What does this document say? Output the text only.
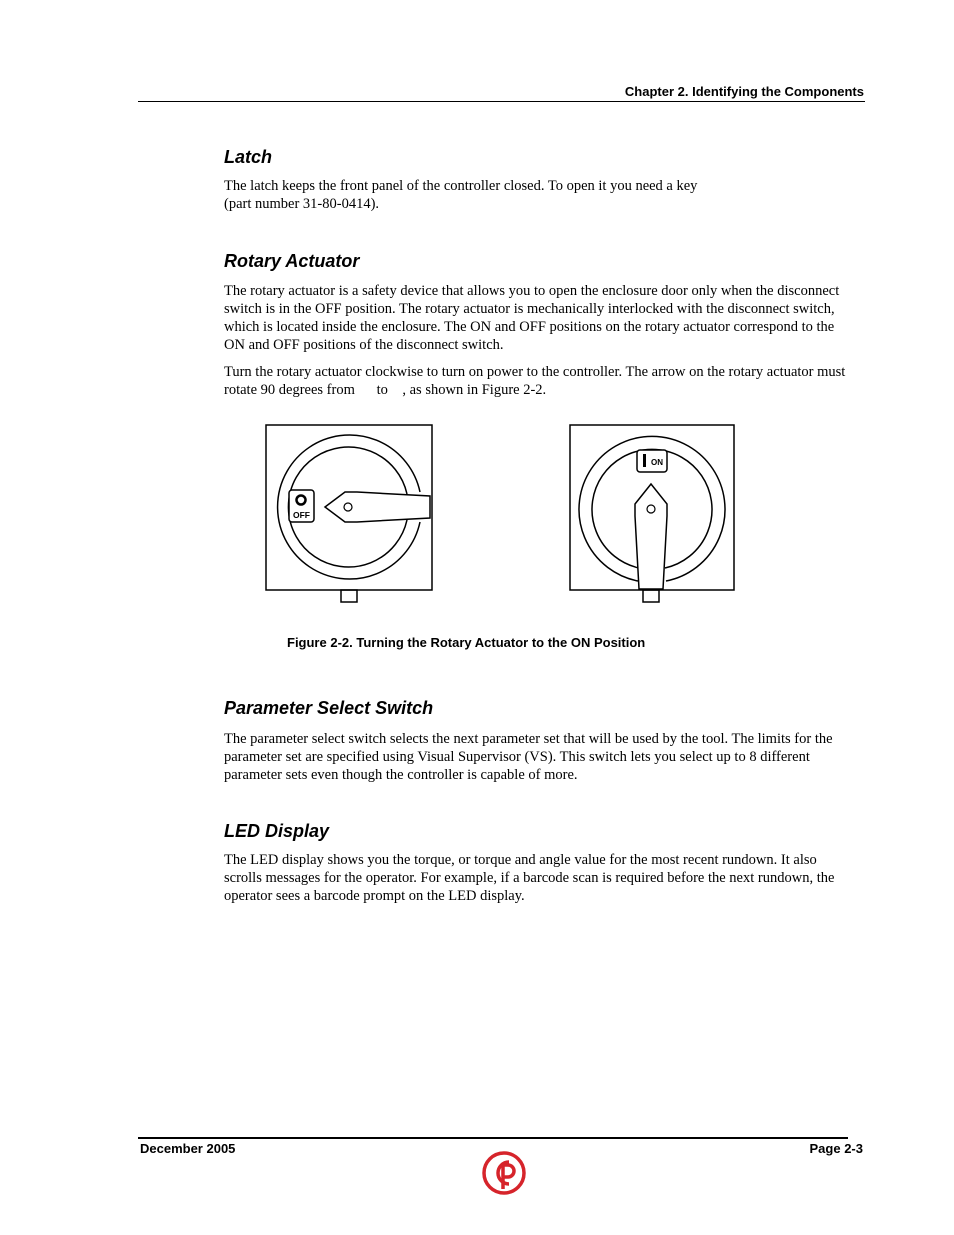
Chapter 2. Identifying the Components
Latch

The latch keeps the front panel of the controller closed. To open it you need a key
(part number 31-80-0414).

Rotary Actuator

The rotary actuator is a safety device that allows you to open the enclosure door only when the disconnect switch is in the OFF position. The rotary actuator is mechanically interlocked with the disconnect switch, which is located inside the enclosure. The ON and OFF positions on the rotary actuator correspond to the ON and OFF positions of the disconnect switch.

Turn the rotary actuator clockwise to turn on power to the controller. The arrow on the rotary actuator must rotate 90 degrees from      to    , as shown in Figure 2-2.

OFF
ON
Figure 2-2. Turning the Rotary Actuator to the ON Position
Parameter Select Switch

The parameter select switch selects the next parameter set that will be used by the tool. The limits for the parameter set are specified using Visual Supervisor (VS). This switch lets you select up to 8 different parameter sets even though the controller is capable of more.

LED Display

The LED display shows you the torque, or torque and angle value for the most recent rundown. It also scrolls messages for the operator. For example, if a barcode scan is required before the next rundown, the operator sees a barcode prompt on the LED display.

December 2005	Page 2-3
